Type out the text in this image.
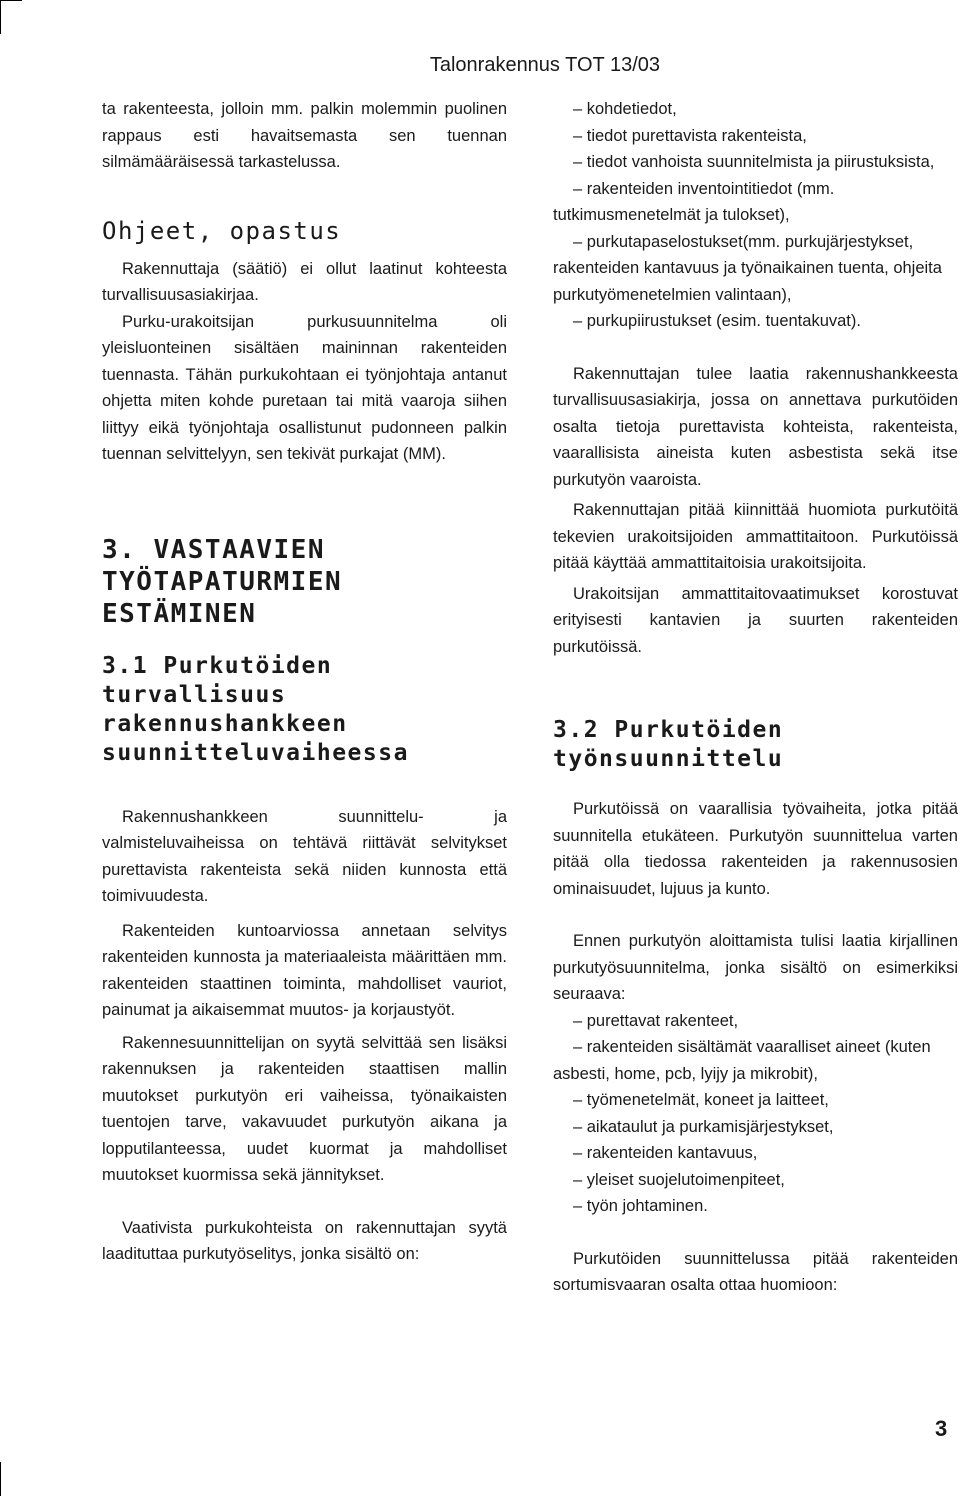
Talonrakennus TOT 13/03

ta rakenteesta, jolloin mm. palkin molemmin puolinen rappaus esti havaitsemasta sen tuennan silmämääräisessä tarkastelussa.

Ohjeet, opastus

Rakennuttaja (säätiö) ei ollut laatinut kohteesta turvallisuusasiakirjaa.

Purku-urakoitsijan purkusuunnitelma oli yleisluonteinen sisältäen maininnan rakenteiden tuennasta. Tähän purkukohtaan ei työnjohtaja antanut ohjetta miten kohde puretaan tai mitä vaaroja siihen liittyy eikä työnjohtaja osallistunut pudonneen palkin tuennan selvittelyyn, sen tekivät purkajat (MM).

3. VASTAAVIEN TYÖTAPATURMIEN ESTÄMINEN
3.1 Purkutöiden turvallisuus rakennushankkeen suunnitteluvaiheessa

Rakennushankkeen suunnittelu- ja valmisteluvaiheissa on tehtävä riittävät selvitykset purettavista rakenteista sekä niiden kunnosta että toimivuudesta.

Rakenteiden kuntoarviossa annetaan selvitys rakenteiden kunnosta ja materiaaleista määrittäen mm. rakenteiden staattinen toiminta, mahdolliset vauriot, painumat ja aikaisemmat muutos- ja korjaustyöt.

Rakennesuunnittelijan on syytä selvittää sen lisäksi rakennuksen ja rakenteiden staattisen mallin muutokset purkutyön eri vaiheissa, työnaikaisten tuentojen tarve, vakavuudet purkutyön aikana ja lopputilanteessa, uudet kuormat ja mahdolliset muutokset kuormissa sekä jännitykset.

Vaativista purkukohteista on rakennuttajan syytä laadituttaa purkutyöselitys, jonka sisältö on:

– kohdetiedot,

– tiedot purettavista rakenteista,

– tiedot vanhoista suunnitelmista ja piirustuksista,

– rakenteiden inventointitiedot (mm. tutkimusmenetelmät ja tulokset),

– purkutapaselostukset(mm. purkujärjestykset, rakenteiden kantavuus ja työnaikainen tuenta, ohjeita purkutyömenetelmien valintaan),

– purkupiirustukset (esim. tuentakuvat).

Rakennuttajan tulee laatia rakennushankkeesta turvallisuusasiakirja, jossa on annettava purkutöiden osalta tietoja purettavista kohteista, rakenteista, vaarallisista aineista kuten asbestista sekä itse purkutyön vaaroista.

Rakennuttajan pitää kiinnittää huomiota purkutöitä tekevien urakoitsijoiden ammattitaitoon. Purkutöissä pitää käyttää ammattitaitoisia urakoitsijoita.

Urakoitsijan ammattitaitovaatimukset korostuvat erityisesti kantavien ja suurten rakenteiden purkutöissä.

3.2 Purkutöiden työnsuunnittelu

Purkutöissä on vaarallisia työvaiheita, jotka pitää suunnitella etukäteen. Purkutyön suunnittelua varten pitää olla tiedossa rakenteiden ja rakennusosien ominaisuudet, lujuus ja kunto.

Ennen purkutyön aloittamista tulisi laatia kirjallinen purkutyösuunnitelma, jonka sisältö on esimerkiksi seuraava:

– purettavat rakenteet,

– rakenteiden sisältämät vaaralliset aineet (kuten asbesti, home, pcb, lyijy ja mikrobit),

– työmenetelmät, koneet ja laitteet,

– aikataulut ja purkamisjärjestykset,

– rakenteiden kantavuus,

– yleiset suojelutoimenpiteet,

– työn johtaminen.

Purkutöiden suunnittelussa pitää rakenteiden sortumisvaaran osalta ottaa huomioon:

3
